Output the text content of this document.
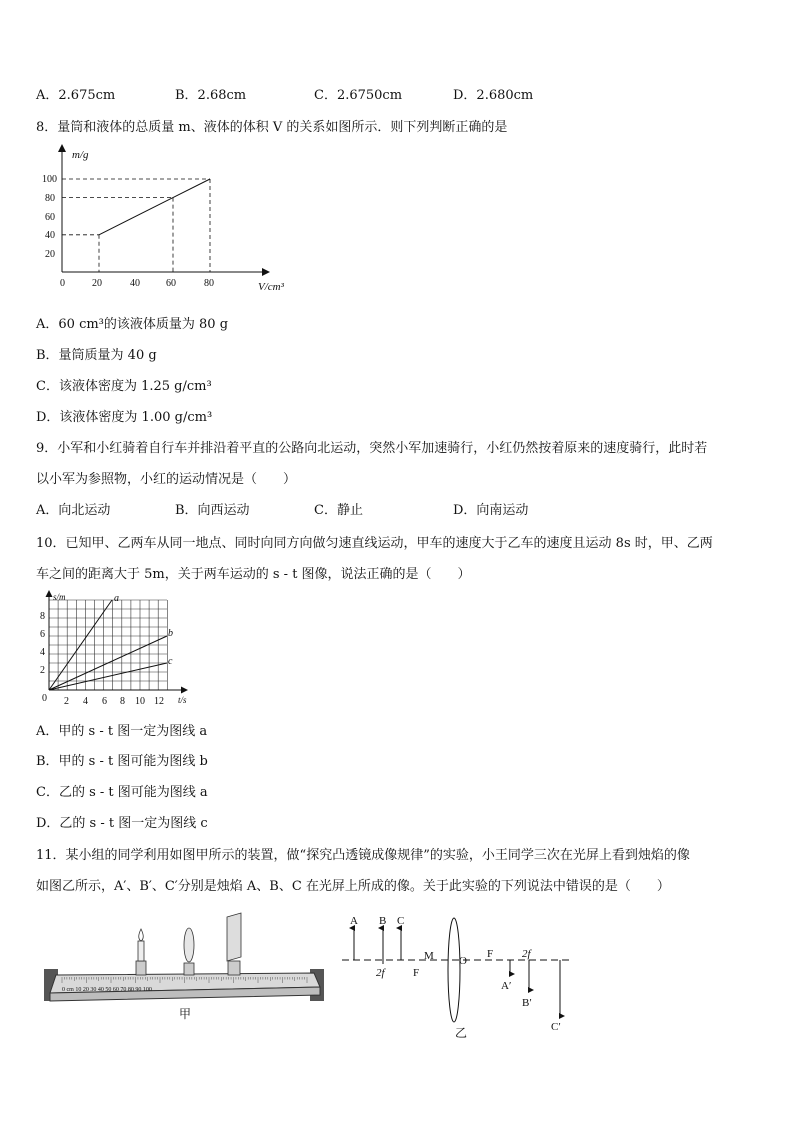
A．2.675cm	B．2.68cm	C．2.6750cm	D．2.680cm
8．量筒和液体的总质量 m、液体的体积 V 的关系如图所示．则下列判断正确的是
m/g
V/cm³
100
80
60
40
20
0	20	40	60	80
A．60 cm³的该液体质量为 80 g
B．量筒质量为 40 g
C．该液体密度为 1.25 g/cm³
D．该液体密度为 1.00 g/cm³
9．小军和小红骑着自行车并排沿着平直的公路向北运动，突然小军加速骑行，小红仍然按着原来的速度骑行，此时若
以小军为参照物，小红的运动情况是（　　）
A．向北运动	B．向西运动	C．静止	D．向南运动
10．已知甲、乙两车从同一地点、同时向同方向做匀速直线运动，甲车的速度大于乙车的速度且运动 8s 时，甲、乙两
车之间的距离大于 5m，关于两车运动的 s - t 图像，说法正确的是（　　）
s/m
t/s
8
6
4
2
0 2 4 6 8 10 12
a
b
c
A．甲的 s - t 图一定为图线 a
B．甲的 s - t 图可能为图线 b
C．乙的 s - t 图可能为图线 a
D．乙的 s - t 图一定为图线 c
11．某小组的同学利用如图甲所示的装置，做“探究凸透镜成像规律”的实验，小王同学三次在光屏上看到烛焰的像
如图乙所示，A′、B′、C′分别是烛焰 A、B、C 在光屏上所成的像。关于此实验的下列说法中错误的是（　　）
0 cm 10 20 30 40 50 60 70 80 90 100
甲
A B C
2f	F
M O
F	2f
A′
B′
C′
乙
